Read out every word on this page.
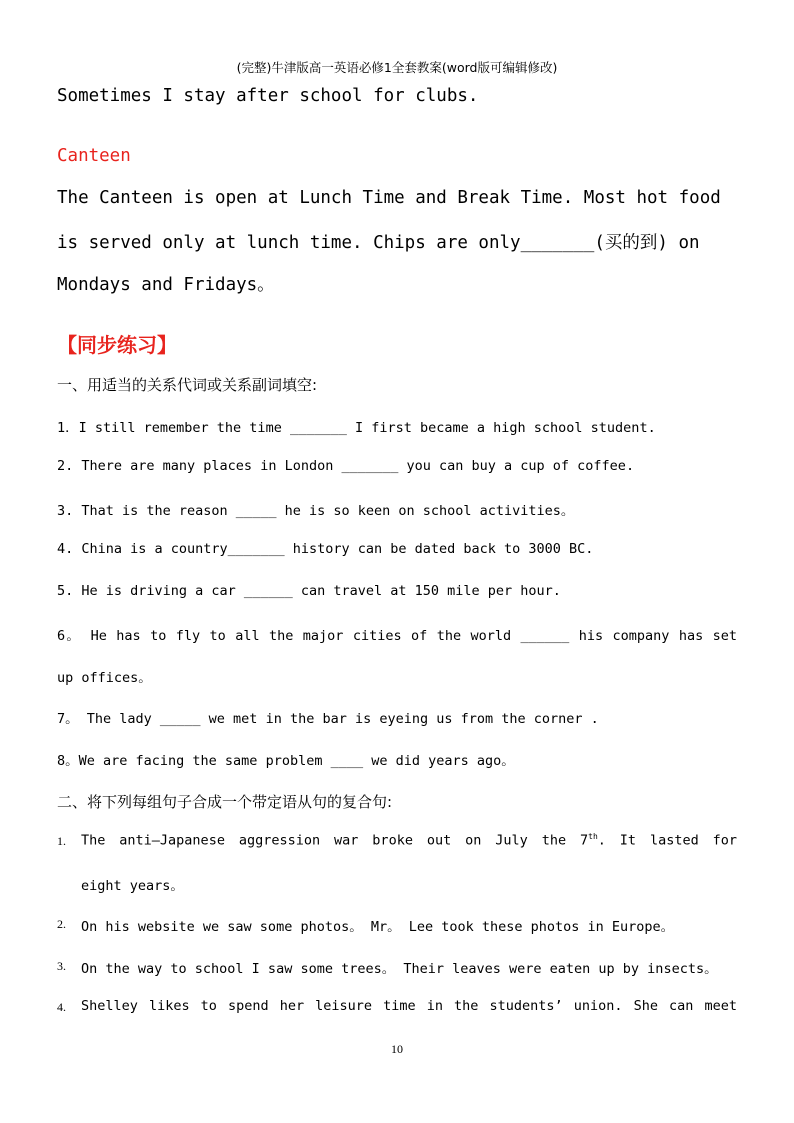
(完整)牛津版高一英语必修1全套教案(word版可编辑修改)
Sometimes I stay after school for clubs.
Canteen
The Canteen is open at Lunch Time and Break Time. Most hot food
is served only at lunch time. Chips are only_______(买的到) on
Mondays and Fridays。
【同步练习】
一、用适当的关系代词或关系副词填空:
1．I still remember the time _______ I first became a high school student.
2. There are many places in London _______ you can buy a cup of coffee.
3. That is the reason _____ he is so keen on school activities。
4. China is a country_______ history can be dated back to 3000 BC.
5. He is driving a car ______ can travel at 150 mile per hour.
6。 He has to fly to all the major cities of the world ______ his company has set
up offices。
7。 The lady _____ we met in the bar is eyeing us from the corner .
8。We are facing the same problem ____ we did years ago。
二、将下列每组句子合成一个带定语从句的复合句:
1. The anti—Japanese aggression war broke out on July the 7th. It lasted for
eight years。
2. On his website we saw some photos。 Mr。 Lee took these photos in Europe。
3. On the way to school I saw some trees。 Their leaves were eaten up by insects。
4. Shelley likes to spend her leisure time in the students’ union. She can meet
10
